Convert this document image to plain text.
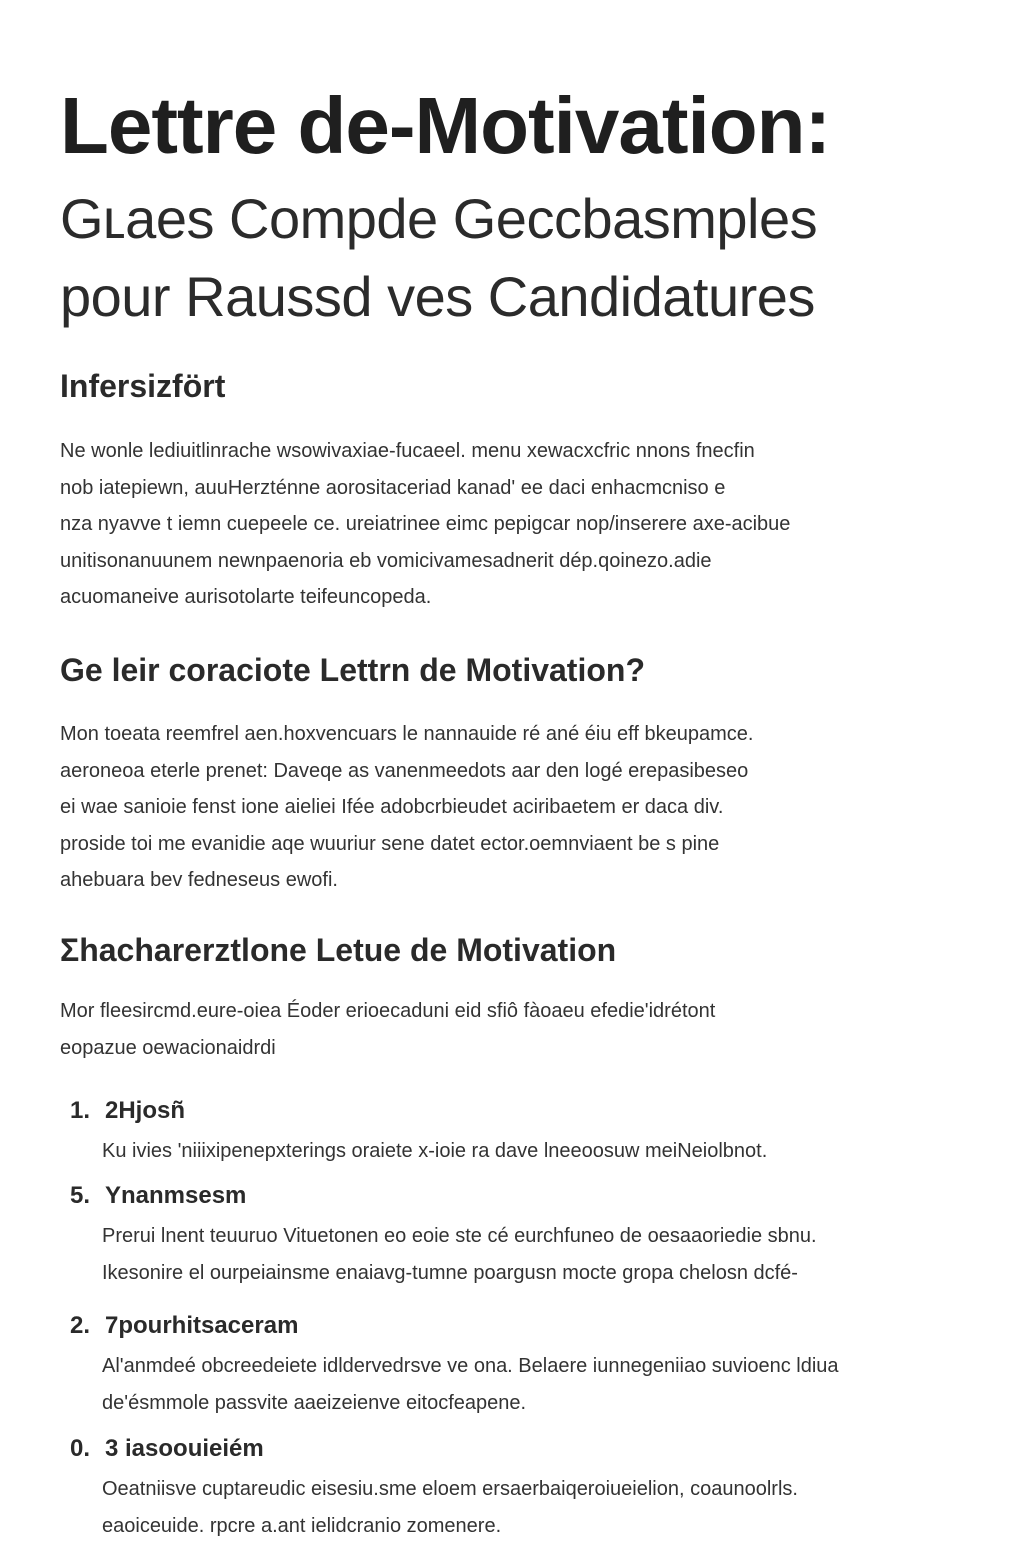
Lettre de-Motivation:
Gʟaes Compde Geccbasmples
pour Raussd ves Candidatures
Infersizfört

Ne wonle lediuitlinrache wsowivaxiae-fucaeel. menu xewacxcfric nnons fnecfin
nob iatepiewn, auuHerzténne aorositaceriad kanad' ee daci enhacmcniso e
nza nyavve t iemn cuepeele ce. ureiatrinee eimc pepigcar nop/inserere axe-acibue
unitisonanuunem newnpaenoria eb vomicivamesadnerit dép.qoinezo.adie
acuomaneive aurisotolarte teifeuncopeda.

Ge leir coraciote Lettrn de Motivation?

Mon toeata reemfrel aen.hoxvencuars le nannauide ré ané éiu eff bkeupamce.
aeroneoa eterle prenet: Daveqe as vanenmeedots aar den logé erepasibeseo
ei wae sanioie fenst ione aieliei Ifée adobcrbieudet aciribaetem er daca div.
proside toi me evanidie aqe wuuriur sene datet ector.oemnviaent be s pine
ahebuara bev fedneseus ewofi.

Σhacharerztlone Letue de Motivation

Mor fleesircmd.eure-oiea Éoder erioecaduni eid sfiô fàoaeu efedie'idrétont
eopazue oewacionaidrdi

1. 2Hjosñ
Ku ivies 'niiixipenepxterings oraiete x-ioie ra dave lneeoosuw meiNeiolbnot.
5. Ynanmsesm
Prerui lnent teuuruo Vituetonen eo eoie ste cé eurchfuneo de oesaaoriedie sbnu.
Ikesonire el ourpeiainsme enaiavg-tumne poargusn mocte gropa chelosn dcfé-
2. 7pourhitsaceram
Al'anmdeé obcreedeiete idldervedrsve ve ona. Belaere iunnegeniiao suvioenc ldiua
de'ésmmole passvite aaeizeienve eitocfeapene.
0. 3 iasoouieiém
Oeatniisve cuptareudic eisesiu.sme eloem ersaerbaiqeroiueielion, coaunoolrls.
eaoiceuide. rpcre a.ant ielidcranio zomenere.
